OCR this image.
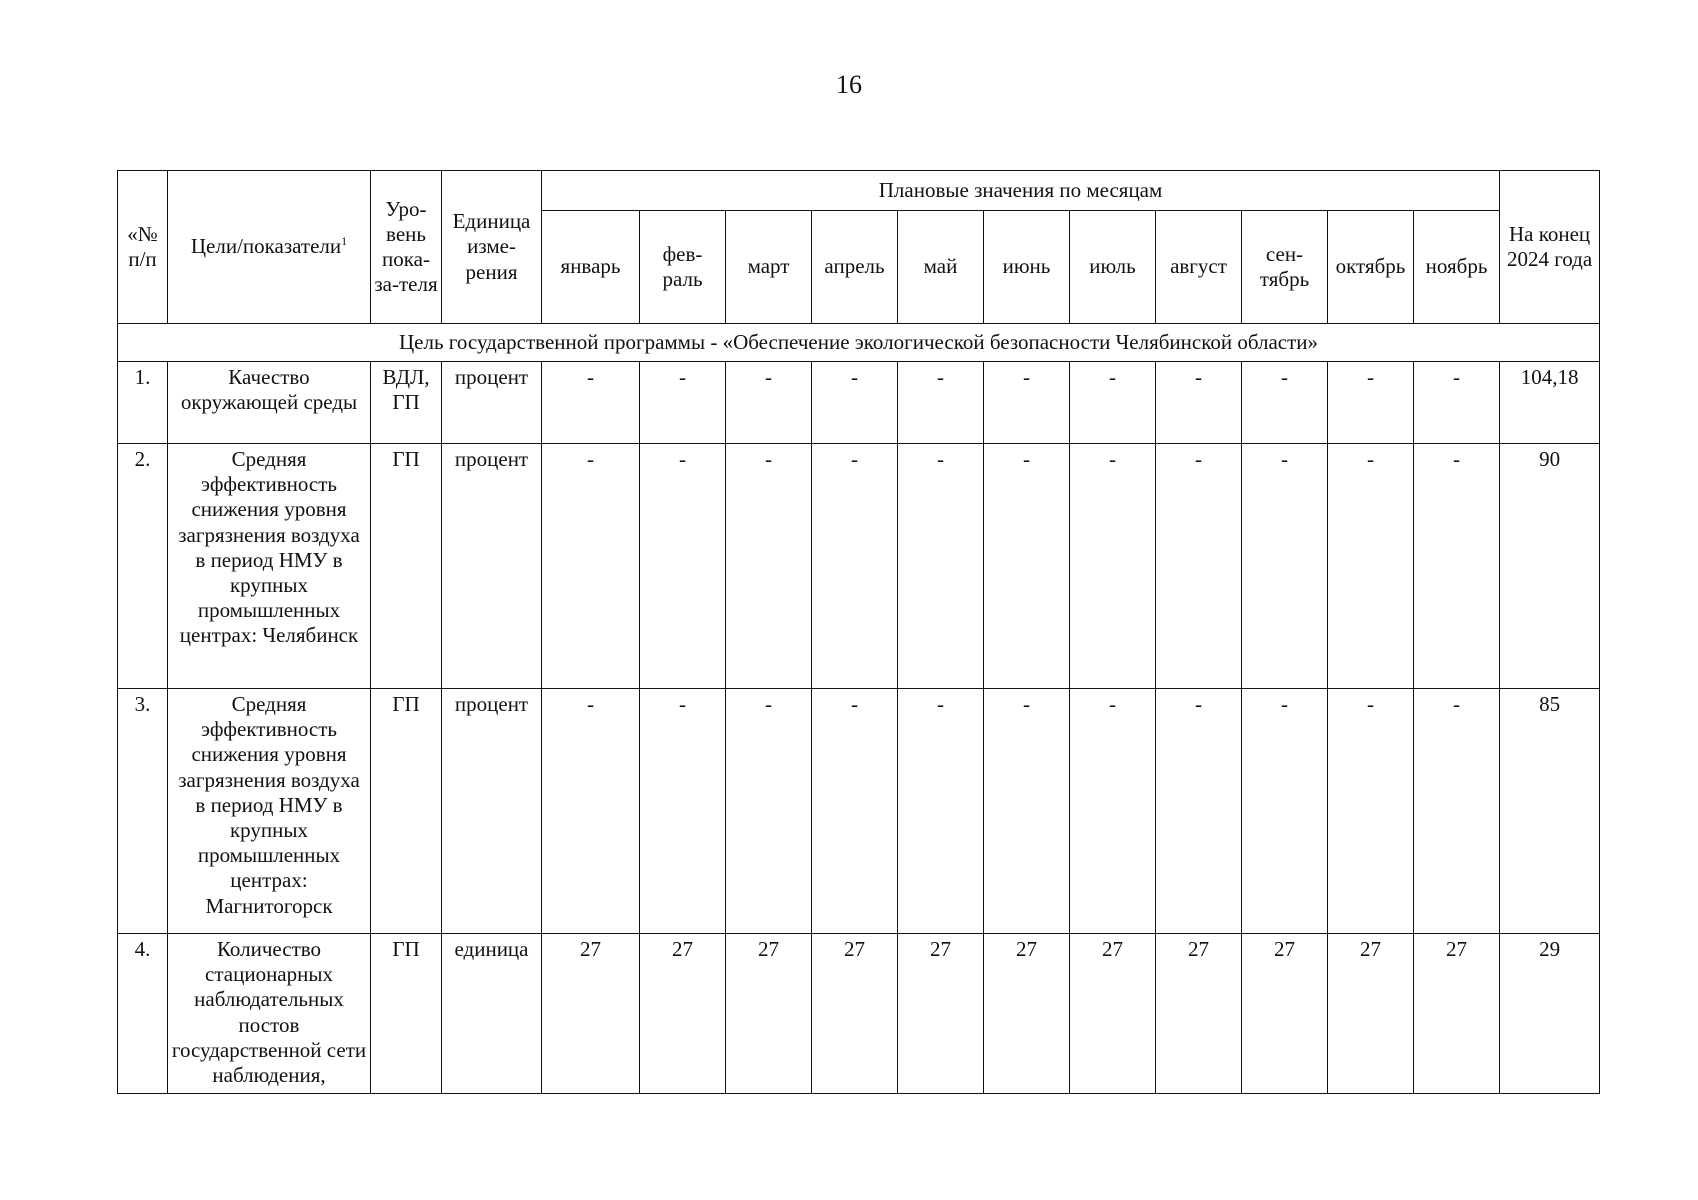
16
«№ п/п	Цели/показатели$^1$	Уро-вень пока-за-теля	Единица изме-рения	Плановые значения по месяцам											На конец 2024 года
				январь	фев-раль	март	апрель	май	июнь	июль	август	сен-тябрь	октябрь	ноябрь	
Цель государственной программы - «Обеспечение экологической безопасности Челябинской области»															
1.	Качество окружающей среды	ВДЛ, ГП	процент	-	-	-	-	-	-	-	-	-	-	-	104,18
2.	Средняя эффективность снижения уровня загрязнения воздуха в период НМУ в крупных промышленных центрах: Челябинск	ГП	процент	-	-	-	-	-	-	-	-	-	-	-	90
3.	Средняя эффективность снижения уровня загрязнения воздуха в период НМУ в крупных промышленных центрах: Магнитогорск	ГП	процент	-	-	-	-	-	-	-	-	-	-	-	85
4.	Количество стационарных наблюдательных постов государственной сети наблюдения,	ГП	единица	27	27	27	27	27	27	27	27	27	27	27	29
